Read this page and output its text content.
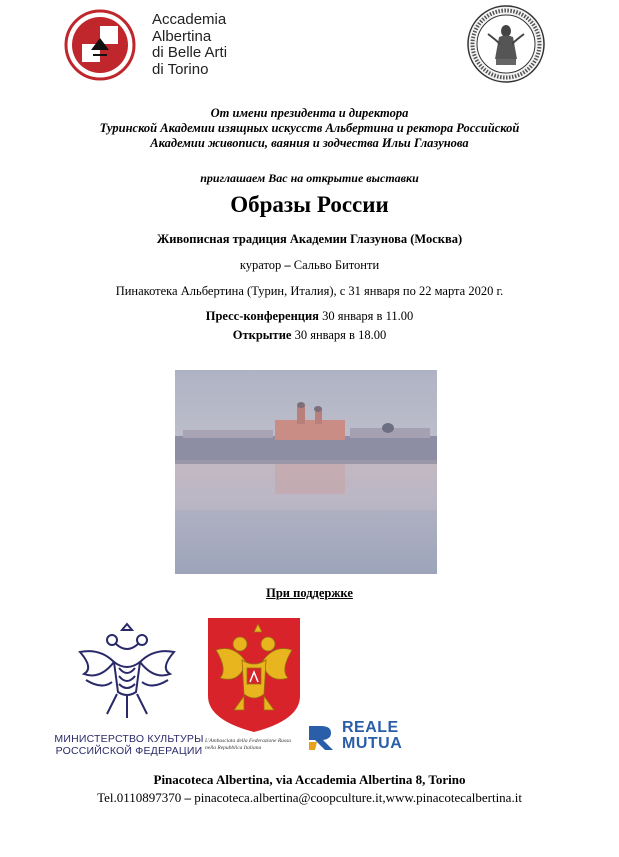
Accademia
Albertina
di Belle Arti
di Torino
От имени президента и директора
Туринской Академии изящных искусств Альбертина и ректора Российской
Академии живописи, ваяния и зодчества Ильи Глазунова
приглашаем Вас на открытие выставки
Образы России
Живописная традиция Академии Глазунова (Москва)
куратор – Сальво Битонти
Пинакотека Альбертина (Турин, Италия), с 31 января по 22 марта 2020 г.
Пресс-конференция 30 января в 11.00
Открытие 30 января в 18.00
При поддержке
МИНИСТЕРСТВО КУЛЬТУРЫ
РОССИЙСКОЙ ФЕДЕРАЦИИ
L'Ambasciata della Federazione Russa
nella Repubblica Italiana
REALE
MUTUA
Pinacoteca Albertina, via Accademia Albertina 8, Torino
Tel.0110897370 – pinacoteca.albertina@coopculture.it,www.pinacotecalbertina.it
